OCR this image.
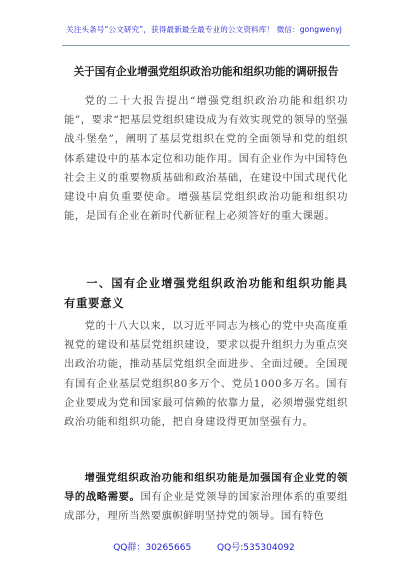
关注头条号“公文研究”，获得最新最全最专业的公文资料库！ 微信：gongwenyj
关于国有企业增强党组织政治功能和组织功能的调研报告

党的二十大报告提出“增强党组织政治功能和组织功能”，要求“把基层党组织建设成为有效实现党的领导的坚强战斗堡垒”，阐明了基层党组织在党的全面领导和党的组织体系建设中的基本定位和功能作用。国有企业作为中国特色社会主义的重要物质基础和政治基础，在建设中国式现代化建设中肩负重要使命。增强基层党组织政治功能和组织功能，是国有企业在新时代新征程上必须答好的重大课题。

一、国有企业增强党组织政治功能和组织功能具有重要意义

党的十八大以来，以习近平同志为核心的党中央高度重视党的建设和基层党组织建设，要求以提升组织力为重点突出政治功能，推动基层党组织全面进步、全面过硬。全国现有国有企业基层党组织80多万个、党员1000多万名。国有企业要成为党和国家最可信赖的依靠力量，必须增强党组织政治功能和组织功能，把自身建设得更加坚强有力。

增强党组织政治功能和组织功能是加强国有企业党的领导的战略需要。国有企业是党领导的国家治理体系的重要组成部分，理所当然要旗帜鲜明坚持党的领导。国有特色

QQ群：30265665	QQ号:535304092
